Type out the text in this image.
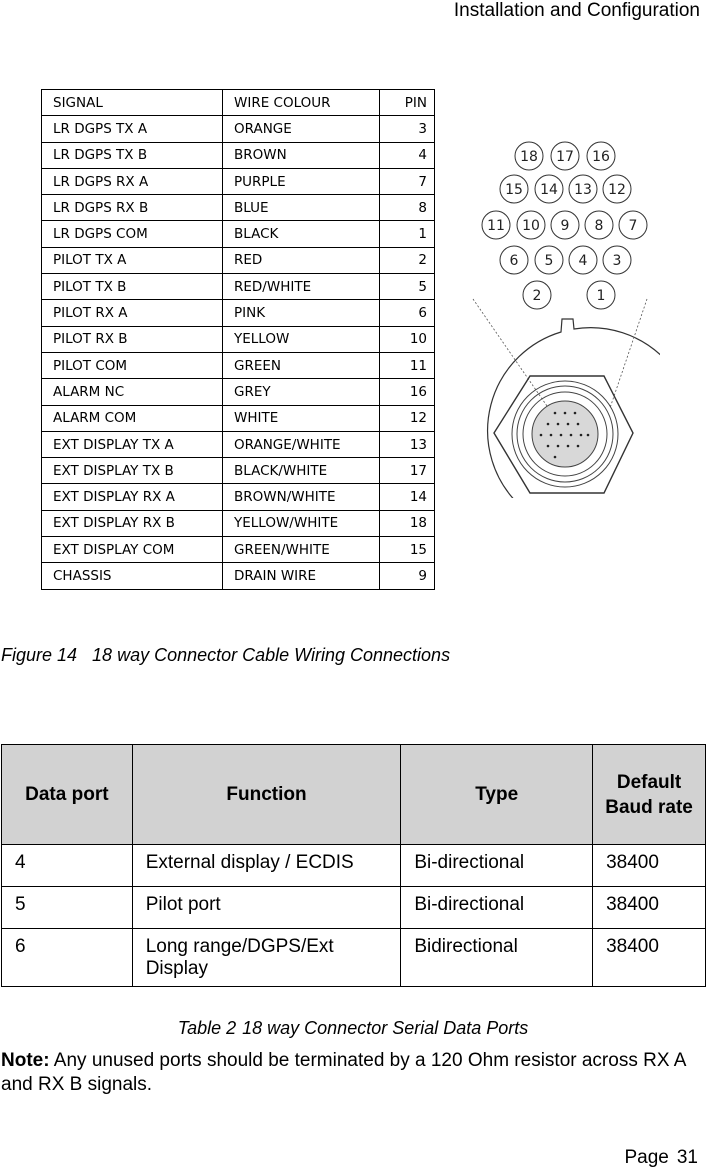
Installation and Configuration
SIGNAL	WIRE COLOUR	PIN
LR DGPS TX A	ORANGE	3
LR DGPS TX B	BROWN	4
LR DGPS RX A	PURPLE	7
LR DGPS RX B	BLUE	8
LR DGPS COM	BLACK	1
PILOT TX A	RED	2
PILOT TX B	RED/WHITE	5
PILOT RX A	PINK	6
PILOT RX B	YELLOW	10
PILOT COM	GREEN	11
ALARM NC	GREY	16
ALARM COM	WHITE	12
EXT DISPLAY TX A	ORANGE/WHITE	13
EXT DISPLAY TX B	BLACK/WHITE	17
EXT DISPLAY RX A	BROWN/WHITE	14
EXT DISPLAY RX B	YELLOW/WHITE	18
EXT DISPLAY COM	GREEN/WHITE	15
CHASSIS	DRAIN WIRE	9
18 17 16
15 14 13 12
11 10 9 8 7
6 5 4 3
2	1
Figure 14 18 way Connector Cable Wiring Connections
Data port	Function	Type	Default Baud rate
4	External display / ECDIS	Bi-directional	38400
5	Pilot port	Bi-directional	38400
6	Long range/DGPS/Ext Display	Bidirectional	38400
Table 2 18 way Connector Serial Data Ports
Note: Any unused ports should be terminated by a 120 Ohm resistor across RX A and RX B signals.
Page 31
